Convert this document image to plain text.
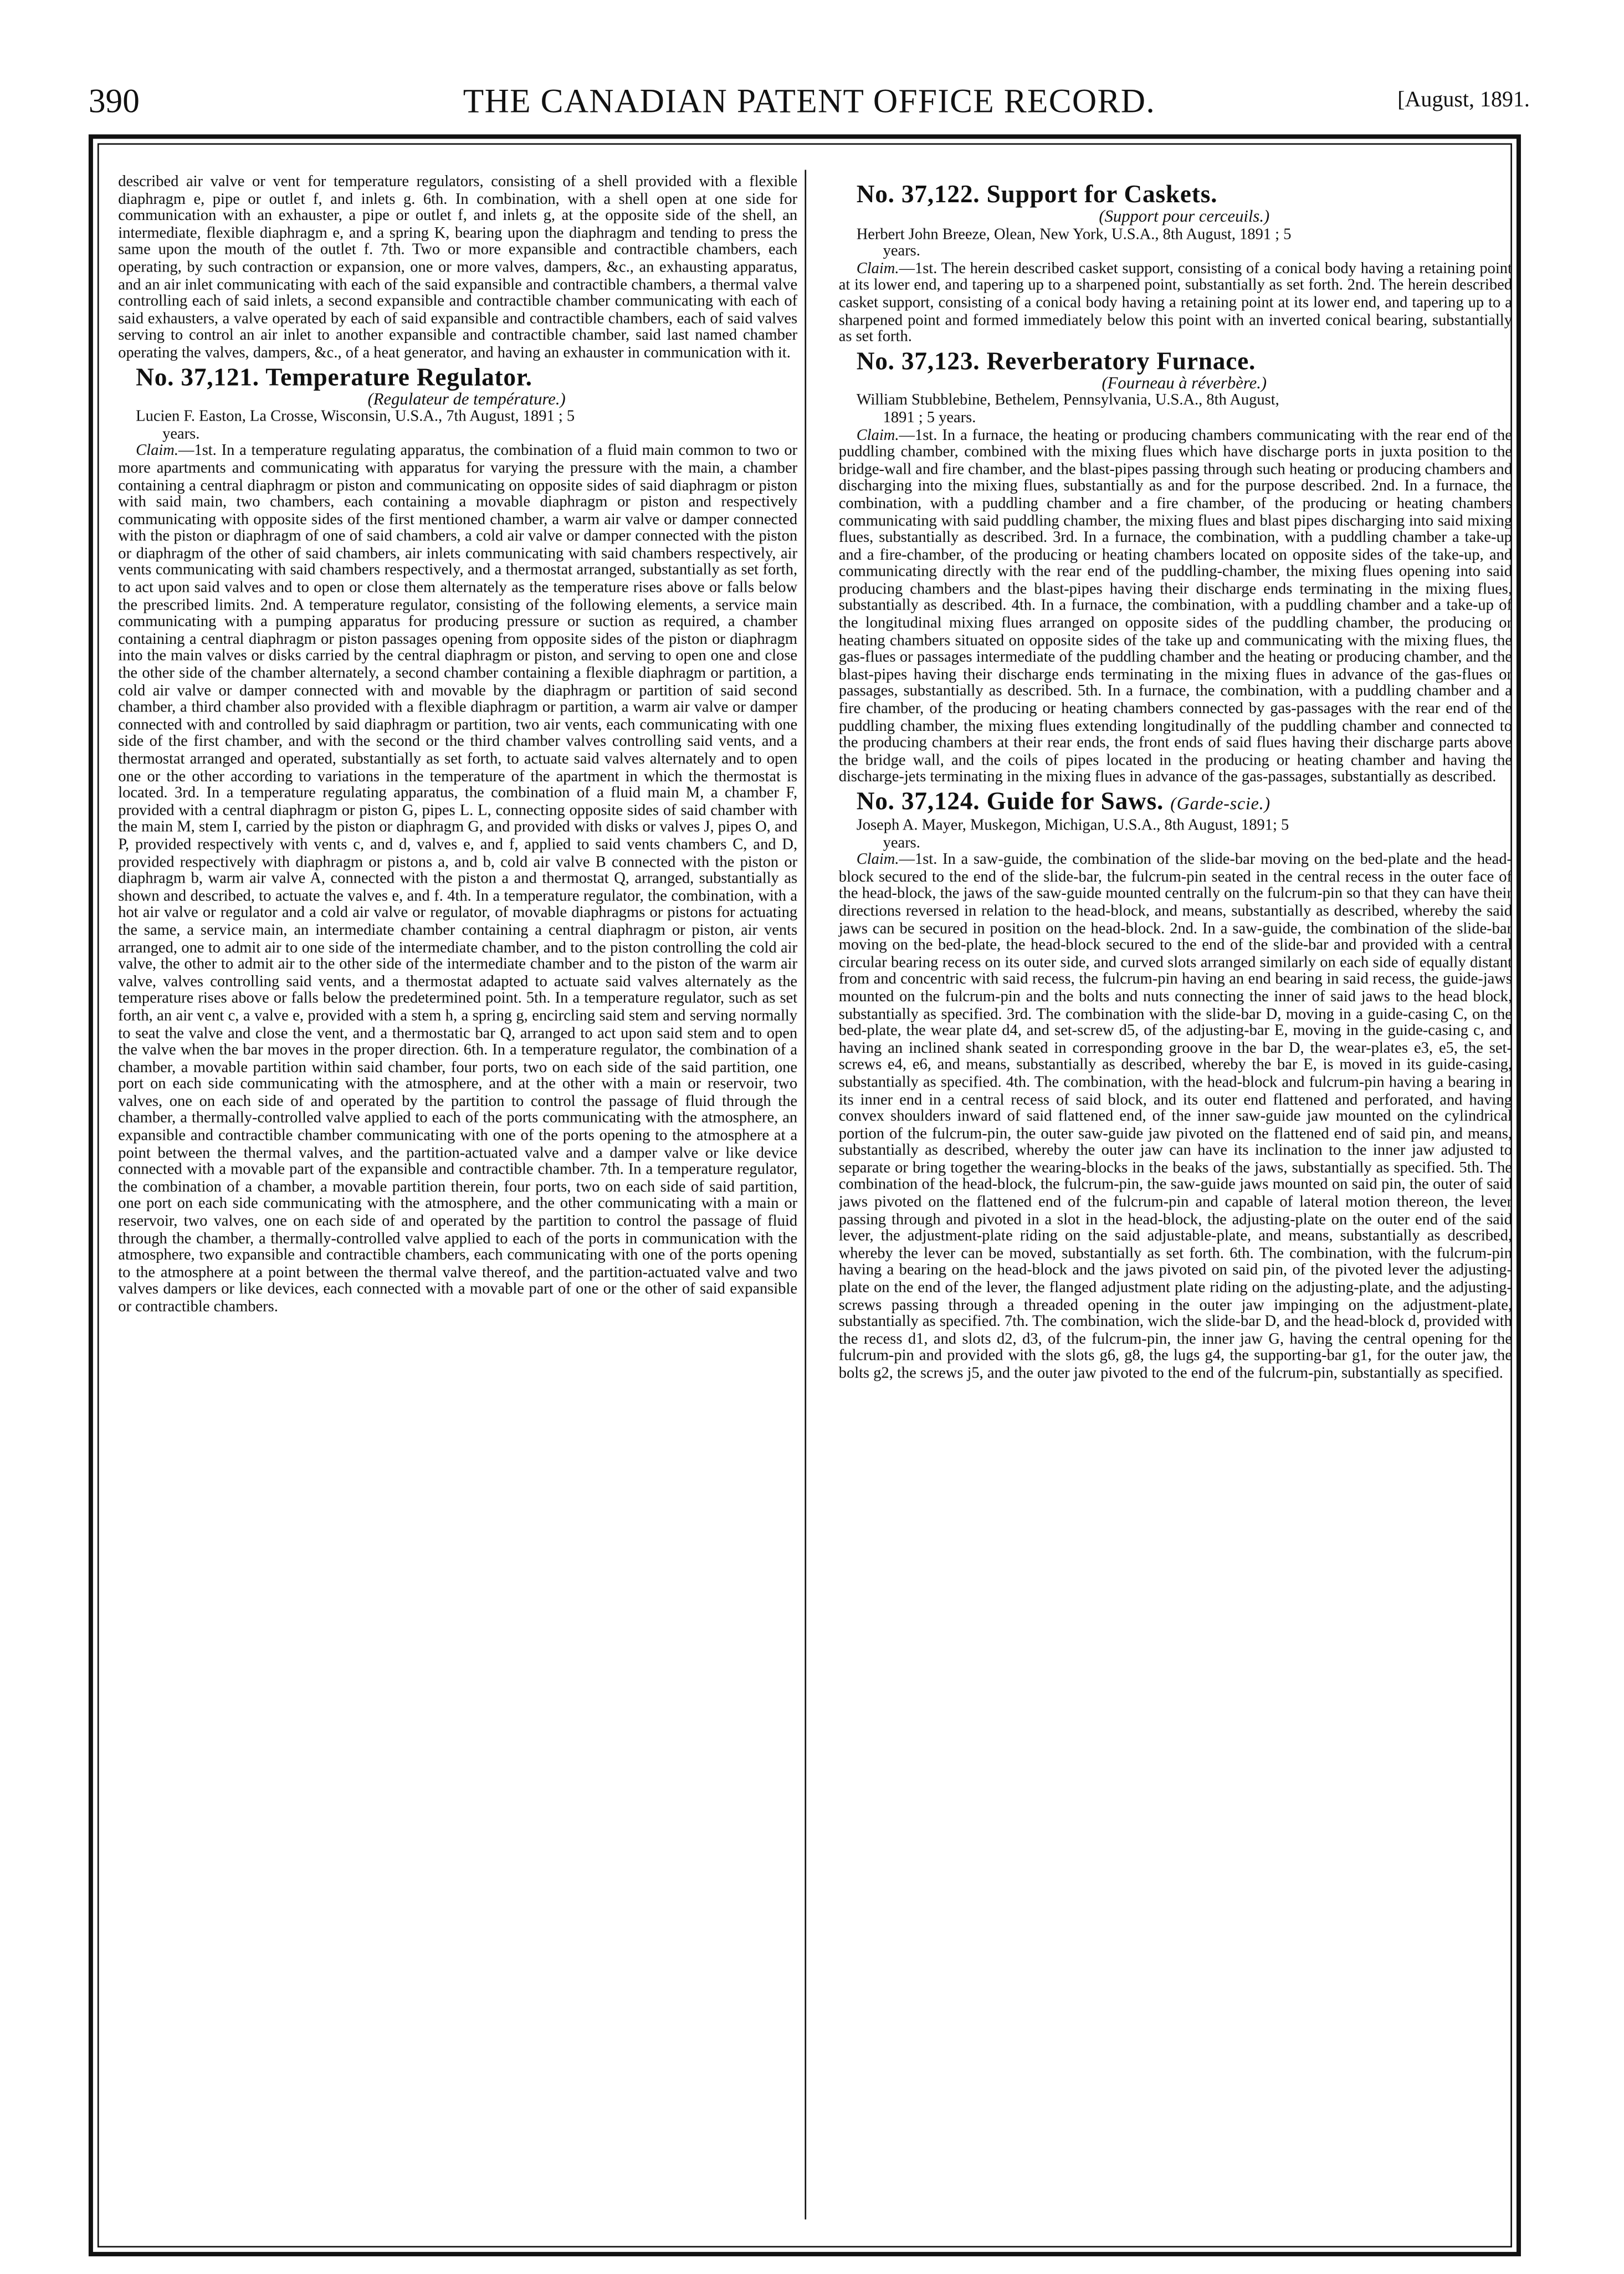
390	THE CANADIAN PATENT OFFICE RECORD.	[August, 1891.

described air valve or vent for temperature regulators, consisting of a shell provided with a flexible diaphragm e, pipe or outlet f, and inlets g. 6th. In combination, with a shell open at one side for communication with an exhauster, a pipe or outlet f, and inlets g, at the opposite side of the shell, an intermediate, flexible diaphragm e, and a spring K, bearing upon the diaphragm and tending to press the same upon the mouth of the outlet f. 7th. Two or more expansible and contractible chambers, each operating, by such contraction or expansion, one or more valves, dampers, &c., an exhausting apparatus, and an air inlet communicating with each of the said expansible and contractible chambers, a thermal valve controlling each of said inlets, a second expansible and contractible chamber communicating with each of said exhausters, a valve operated by each of said expansible and contractible chambers, each of said valves serving to control an air inlet to another expansible and contractible chamber, said last named chamber operating the valves, dampers, &c., of a heat generator, and having an exhauster in communication with it.

No. 37,121. Temperature Regulator.

(Regulateur de température.)

Lucien F. Easton, La Crosse, Wisconsin, U.S.A., 7th August, 1891 ; 5
years.

Claim.—1st. In a temperature regulating apparatus, the combination of a fluid main common to two or more apartments and communicating with apparatus for varying the pressure with the main, a chamber containing a central diaphragm or piston and communicating on opposite sides of said diaphragm or piston with said main, two chambers, each containing a movable diaphragm or piston and respectively communicating with opposite sides of the first mentioned chamber, a warm air valve or damper connected with the piston or diaphragm of one of said chambers, a cold air valve or damper connected with the piston or diaphragm of the other of said chambers, air inlets communicating with said chambers respectively, air vents communicating with said chambers respectively, and a thermostat arranged, substantially as set forth, to act upon said valves and to open or close them alternately as the temperature rises above or falls below the prescribed limits. 2nd. A temperature regulator, consisting of the following elements, a service main communicating with a pumping apparatus for producing pressure or suction as required, a chamber containing a central diaphragm or piston passages opening from opposite sides of the piston or diaphragm into the main valves or disks carried by the central diaphragm or piston, and serving to open one and close the other side of the chamber alternately, a second chamber containing a flexible diaphragm or partition, a cold air valve or damper connected with and movable by the diaphragm or partition of said second chamber, a third chamber also provided with a flexible diaphragm or partition, a warm air valve or damper connected with and controlled by said diaphragm or partition, two air vents, each communicating with one side of the first chamber, and with the second or the third chamber valves controlling said vents, and a thermostat arranged and operated, substantially as set forth, to actuate said valves alternately and to open one or the other according to variations in the temperature of the apartment in which the thermostat is located. 3rd. In a temperature regulating apparatus, the combination of a fluid main M, a chamber F, provided with a central diaphragm or piston G, pipes L. L, connecting opposite sides of said chamber with the main M, stem I, carried by the piston or diaphragm G, and provided with disks or valves J, pipes O, and P, provided respectively with vents c, and d, valves e, and f, applied to said vents chambers C, and D, provided respectively with diaphragm or pistons a, and b, cold air valve B connected with the piston or diaphragm b, warm air valve A, connected with the piston a and thermostat Q, arranged, substantially as shown and described, to actuate the valves e, and f. 4th. In a temperature regulator, the combination, with a hot air valve or regulator and a cold air valve or regulator, of movable diaphragms or pistons for actuating the same, a service main, an intermediate chamber containing a central diaphragm or piston, air vents arranged, one to admit air to one side of the intermediate chamber, and to the piston controlling the cold air valve, the other to admit air to the other side of the intermediate chamber and to the piston of the warm air valve, valves controlling said vents, and a thermostat adapted to actuate said valves alternately as the temperature rises above or falls below the predetermined point. 5th. In a temperature regulator, such as set forth, an air vent c, a valve e, provided with a stem h, a spring g, encircling said stem and serving normally to seat the valve and close the vent, and a thermostatic bar Q, arranged to act upon said stem and to open the valve when the bar moves in the proper direction. 6th. In a temperature regulator, the combination of a chamber, a movable partition within said chamber, four ports, two on each side of the said partition, one port on each side communicating with the atmosphere, and at the other with a main or reservoir, two valves, one on each side of and operated by the partition to control the passage of fluid through the chamber, a thermally-controlled valve applied to each of the ports communicating with the atmosphere, an expansible and contractible chamber communicating with one of the ports opening to the atmosphere at a point between the thermal valves, and the partition-actuated valve and a damper valve or like device connected with a movable part of the expansible and contractible chamber. 7th. In a temperature regulator, the combination of a chamber, a movable partition therein, four ports, two on each side of said partition, one port on each side communicating with the atmosphere, and the other communicating with a main or reservoir, two valves, one on each side of and operated by the partition to control the passage of fluid through the chamber, a thermally-controlled valve applied to each of the ports in communication with the atmosphere, two expansible and contractible chambers, each communicating with one of the ports opening to the atmosphere at a point between the thermal valve thereof, and the partition-actuated valve and two valves dampers or like devices, each connected with a movable part of one or the other of said expansible or contractible chambers.

No. 37,122. Support for Caskets.

(Support pour cerceuils.)

Herbert John Breeze, Olean, New York, U.S.A., 8th August, 1891 ; 5
years.

Claim.—1st. The herein described casket support, consisting of a conical body having a retaining point at its lower end, and tapering up to a sharpened point, substantially as set forth. 2nd. The herein described casket support, consisting of a conical body having a retaining point at its lower end, and tapering up to a sharpened point and formed immediately below this point with an inverted conical bearing, substantially as set forth.

No. 37,123. Reverberatory Furnace.

(Fourneau à réverbère.)

William Stubblebine, Bethelem, Pennsylvania, U.S.A., 8th August,
1891 ; 5 years.

Claim.—1st. In a furnace, the heating or producing chambers communicating with the rear end of the puddling chamber, combined with the mixing flues which have discharge ports in juxta position to the bridge-wall and fire chamber, and the blast-pipes passing through such heating or producing chambers and discharging into the mixing flues, substantially as and for the purpose described. 2nd. In a furnace, the combination, with a puddling chamber and a fire chamber, of the producing or heating chambers communicating with said puddling chamber, the mixing flues and blast pipes discharging into said mixing flues, substantially as described. 3rd. In a furnace, the combination, with a puddling chamber a take-up and a fire-chamber, of the producing or heating chambers located on opposite sides of the take-up, and communicating directly with the rear end of the puddling-chamber, the mixing flues opening into said producing chambers and the blast-pipes having their discharge ends terminating in the mixing flues, substantially as described. 4th. In a furnace, the combination, with a puddling chamber and a take-up of the longitudinal mixing flues arranged on opposite sides of the puddling chamber, the producing or heating chambers situated on opposite sides of the take up and communicating with the mixing flues, the gas-flues or passages intermediate of the puddling chamber and the heating or producing chamber, and the blast-pipes having their discharge ends terminating in the mixing flues in advance of the gas-flues or passages, substantially as described. 5th. In a furnace, the combination, with a puddling chamber and a fire chamber, of the producing or heating chambers connected by gas-passages with the rear end of the puddling chamber, the mixing flues extending longitudinally of the puddling chamber and connected to the producing chambers at their rear ends, the front ends of said flues having their discharge parts above the bridge wall, and the coils of pipes located in the producing or heating chamber and having the discharge-jets terminating in the mixing flues in advance of the gas-passages, substantially as described.

No. 37,124. Guide for Saws. (Garde-scie.)

Joseph A. Mayer, Muskegon, Michigan, U.S.A., 8th August, 1891; 5
years.

Claim.—1st. In a saw-guide, the combination of the slide-bar moving on the bed-plate and the head-block secured to the end of the slide-bar, the fulcrum-pin seated in the central recess in the outer face of the head-block, the jaws of the saw-guide mounted centrally on the fulcrum-pin so that they can have their directions reversed in relation to the head-block, and means, substantially as described, whereby the said jaws can be secured in position on the head-block. 2nd. In a saw-guide, the combination of the slide-bar moving on the bed-plate, the head-block secured to the end of the slide-bar and provided with a central circular bearing recess on its outer side, and curved slots arranged similarly on each side of equally distant from and concentric with said recess, the fulcrum-pin having an end bearing in said recess, the guide-jaws mounted on the fulcrum-pin and the bolts and nuts connecting the inner of said jaws to the head block, substantially as specified. 3rd. The combination with the slide-bar D, moving in a guide-casing C, on the bed-plate, the wear plate d4, and set-screw d5, of the adjusting-bar E, moving in the guide-casing c, and having an inclined shank seated in corresponding groove in the bar D, the wear-plates e3, e5, the set-screws e4, e6, and means, substantially as described, whereby the bar E, is moved in its guide-casing, substantially as specified. 4th. The combination, with the head-block and fulcrum-pin having a bearing in its inner end in a central recess of said block, and its outer end flattened and perforated, and having convex shoulders inward of said flattened end, of the inner saw-guide jaw mounted on the cylindrical portion of the fulcrum-pin, the outer saw-guide jaw pivoted on the flattened end of said pin, and means, substantially as described, whereby the outer jaw can have its inclination to the inner jaw adjusted to separate or bring together the wearing-blocks in the beaks of the jaws, substantially as specified. 5th. The combination of the head-block, the fulcrum-pin, the saw-guide jaws mounted on said pin, the outer of said jaws pivoted on the flattened end of the fulcrum-pin and capable of lateral motion thereon, the lever passing through and pivoted in a slot in the head-block, the adjusting-plate on the outer end of the said lever, the adjustment-plate riding on the said adjustable-plate, and means, substantially as described, whereby the lever can be moved, substantially as set forth. 6th. The combination, with the fulcrum-pin having a bearing on the head-block and the jaws pivoted on said pin, of the pivoted lever the adjusting-plate on the end of the lever, the flanged adjustment plate riding on the adjusting-plate, and the adjusting-screws passing through a threaded opening in the outer jaw impinging on the adjustment-plate, substantially as specified. 7th. The combination, wich the slide-bar D, and the head-block d, provided with the recess d1, and slots d2, d3, of the fulcrum-pin, the inner jaw G, having the central opening for the fulcrum-pin and provided with the slots g6, g8, the lugs g4, the supporting-bar g1, for the outer jaw, the bolts g2, the screws j5, and the outer jaw pivoted to the end of the fulcrum-pin, substantially as specified.
